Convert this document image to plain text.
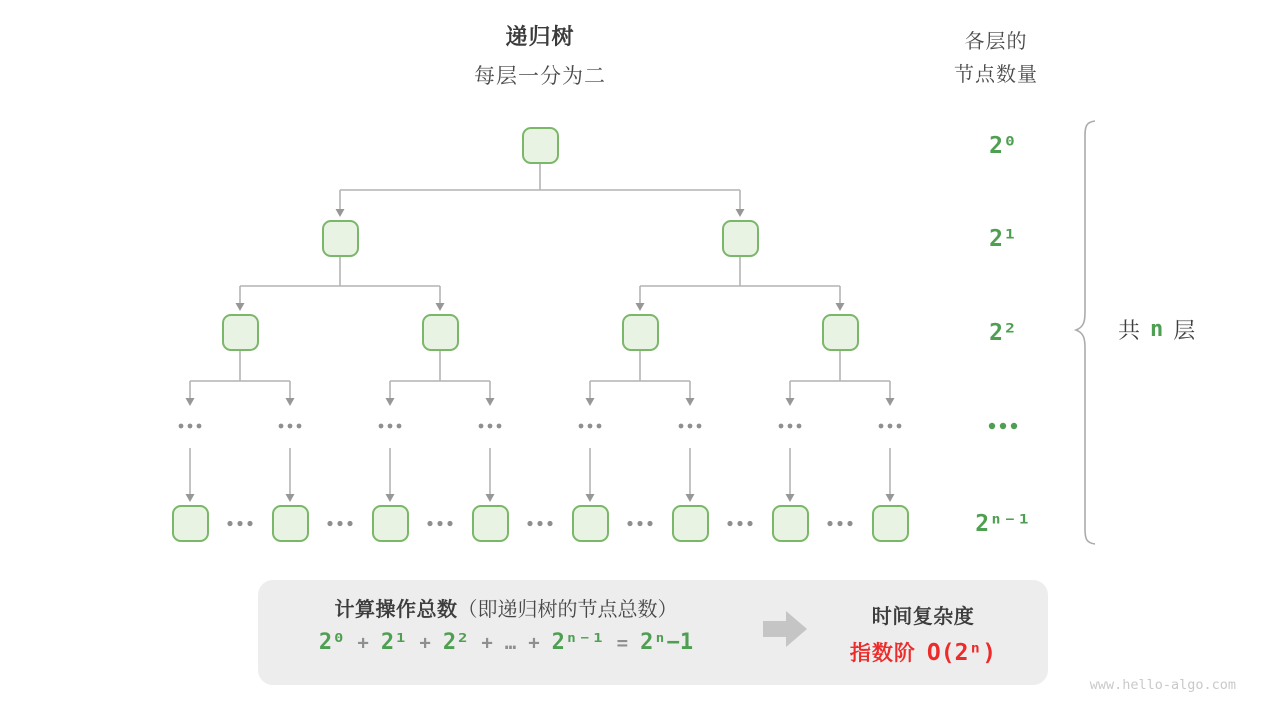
递归树
每层一分为二
各层的
节点数量
2⁰
2¹
2²
2ⁿ⁻¹
共 n 层
计算操作总数（即递归树的节点总数）
2⁰ + 2¹ + 2² + … + 2ⁿ⁻¹ = 2ⁿ−1
时间复杂度
指数阶 O(2ⁿ)
www.hello-algo.com
